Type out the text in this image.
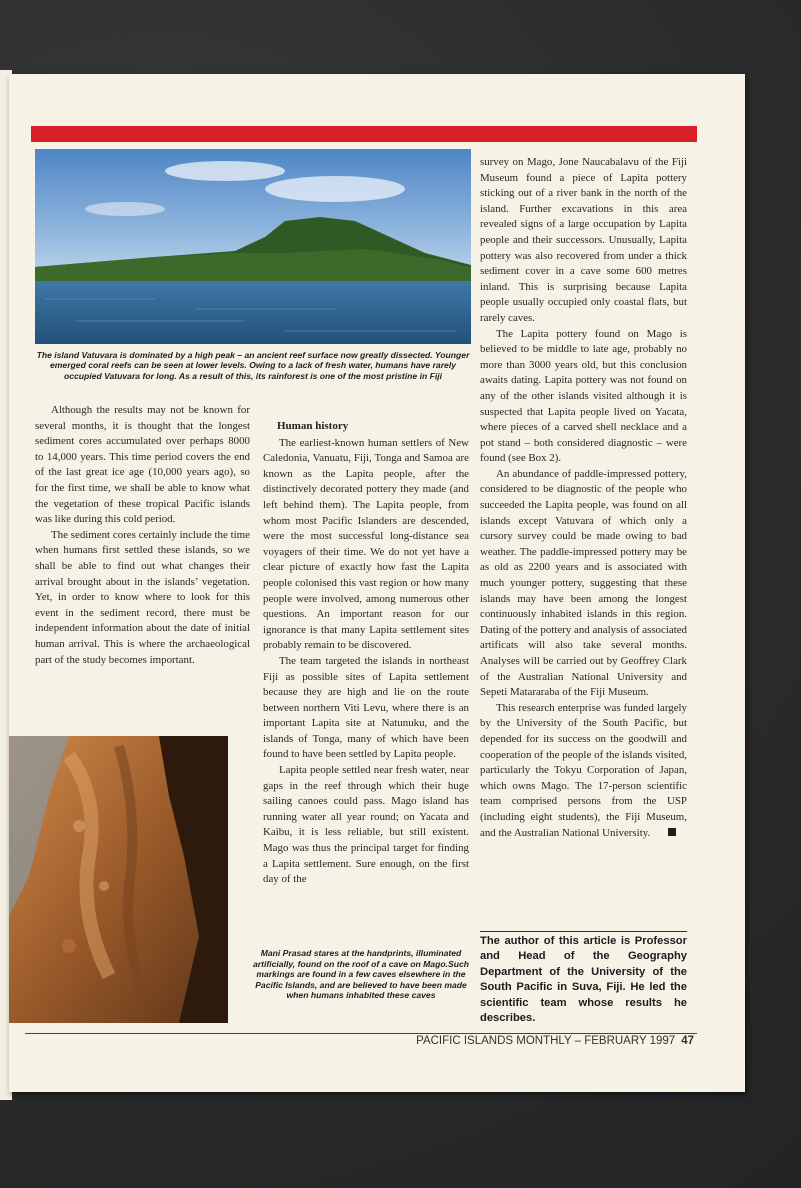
The island Vatuvara is dominated by a high peak – an ancient reef surface now greatly dissected. Younger emerged coral reefs can be seen at lower levels. Owing to a lack of fresh water, humans have rarely occupied Vatuvara for long. As a result of this, its rainforest is one of the most pristine in Fiji

Although the results may not be known for several months, it is thought that the longest sediment cores accumulated over perhaps 8000 to 14,000 years. This time period covers the end of the last great ice age (10,000 years ago), so for the first time, we shall be able to know what the vegetation of these tropical Pacific islands was like during this cold period.

The sediment cores certainly include the time when humans first settled these islands, so we shall be able to find out what changes their arrival brought about in the islands’ vegetation. Yet, in order to know where to look for this event in the sediment record, there must be independent information about the date of initial human arrival. This is where the archaeological part of the study becomes important.

Human history

The earliest-known human settlers of New Caledonia, Vanuatu, Fiji, Tonga and Samoa are known as the Lapita people, after the distinctively decorated pottery they made (and left behind them). The Lapita people, from whom most Pacific Islanders are descended, were the most successful long-distance sea voyagers of their time. We do not yet have a clear picture of exactly how fast the Lapita people colonised this vast region or how many people were involved, among numerous other questions. An important reason for our ignorance is that many Lapita settlement sites probably remain to be discovered.

The team targeted the islands in northeast Fiji as possible sites of Lapita settlement because they are high and lie on the route between northern Viti Levu, where there is an important Lapita site at Natunuku, and the islands of Tonga, many of which have been found to have been settled by Lapita people.

Lapita people settled near fresh water, near gaps in the reef through which their huge sailing canoes could pass. Mago island has running water all year round; on Yacata and Kaibu, it is less reliable, but still existent. Mago was thus the principal target for finding a Lapita settlement. Sure enough, on the first day of the

survey on Mago, Jone Naucabalavu of the Fiji Museum found a piece of Lapita pottery sticking out of a river bank in the north of the island. Further excavations in this area revealed signs of a large occupation by Lapita people and their successors. Unusually, Lapita pottery was also recovered from under a thick sediment cover in a cave some 600 metres inland. This is surprising because Lapita people usually occupied only coastal flats, but rarely caves.

The Lapita pottery found on Mago is believed to be middle to late age, probably no more than 3000 years old, but this conclusion awaits dating. Lapita pottery was not found on any of the other islands visited although it is suspected that Lapita people lived on Yacata, where pieces of a carved shell necklace and a pot stand – both considered diagnostic – were found (see Box 2).

An abundance of paddle-impressed pottery, considered to be diagnostic of the people who succeeded the Lapita people, was found on all islands except Vatuvara of which only a cursory survey could be made owing to bad weather. The paddle-impressed pottery may be as old as 2200 years and is associated with much younger pottery, suggesting that these islands may have been among the longest continuously inhabited islands in this region. Dating of the pottery and analysis of associated artificats will also take several months. Analyses will be carried out by Geoffrey Clark of the Australian National University and Sepeti Matararaba of the Fiji Museum.

This research enterprise was funded largely by the University of the South Pacific, but depended for its success on the goodwill and cooperation of the people of the islands visited, particularly the Tokyu Corporation of Japan, which owns Mago. The 17-person scientific team comprised persons from the USP (including eight students), the Fiji Museum, and the Australian National University.

Mani Prasad stares at the handprints, illuminated artificially, found on the roof of a cave on Mago.Such markings are found in a few caves elsewhere in the Pacific Islands, and are believed to have been made when humans inhabited these caves
The author of this article is Professor and Head of the Geography Department of the University of the South Pacific in Suva, Fiji. He led the scientific team whose results he describes.
PACIFIC ISLANDS MONTHLY – FEBRUARY 1997 47
